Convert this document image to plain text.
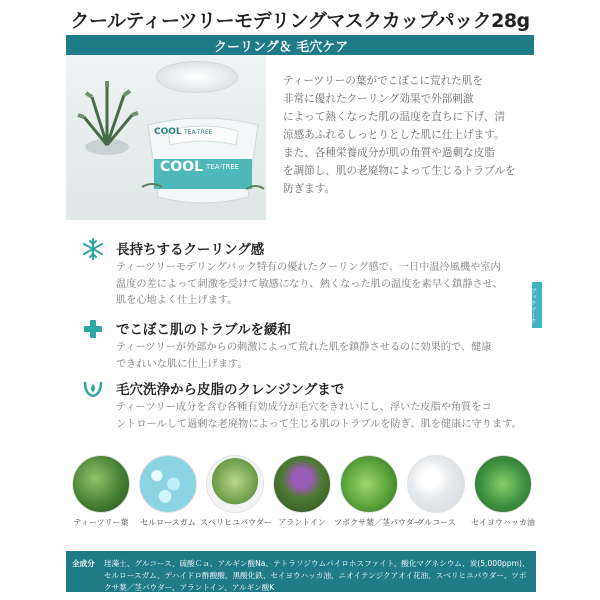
クールティーツリーモデリングマスクカップパック28g
クーリング＆ 毛穴ケア
COOL TEA-TREE
COOL TEA-TREE
ティーツリーの葉がでこぼこに荒れた肌を
非常に優れたクーリング効果で外部刺激
によって熱くなった肌の温度を直ちに下げ、清
涼感あふれるしっとりとした肌に仕上げます。
また、各種栄養成分が肌の角質や過剰な皮脂
を調節し、肌の老廃物によって生じるトラブルを
防ぎます。
長持ちするクーリング感
ティーツリーモデリングパック特有の優れたクーリング感で、一日中温冷風機や室内
温度の差によって刺激を受けて敏感になり、熱くなった肌の温度を素早く鎮静させ、
肌を心地よく仕上げます。
でこぼこ肌のトラブルを緩和
ティーツリーが外部からの刺激によって荒れた肌を鎮静させるのに効果的で、健康
できれいな肌に仕上げます。
毛穴洗浄から皮脂のクレンジングまで
ティーツリー成分を含む各種有効成分が毛穴をきれいにし、浮いた皮脂や角質をコ
ントロールして過剰な老廃物によって生じる肌のトラブルを防ぎ、肌を健康に守ります。
ブックマーク
ティーツリー葉	セルロースガム スベリヒユパウダー アラントイン	ツボクサ葉／茎パウダー
グルコース	セイヨウハッカ油
全成分 珪藻土、グルコース、硫酸Ｃａ、アルギン酸Na、テトラソジウムパイロホスファイト、酸化マグネシウム、炭(5,000ppm)、セルロースガム、デハイドロ酢酸酸、黒酸化鉄、セイヨウハッカ油、ニオイテンジクアオイ花油、スベリヒユパウダー、ツボクサ葉／茎パウダー、アラントイン、アルギン酸K
